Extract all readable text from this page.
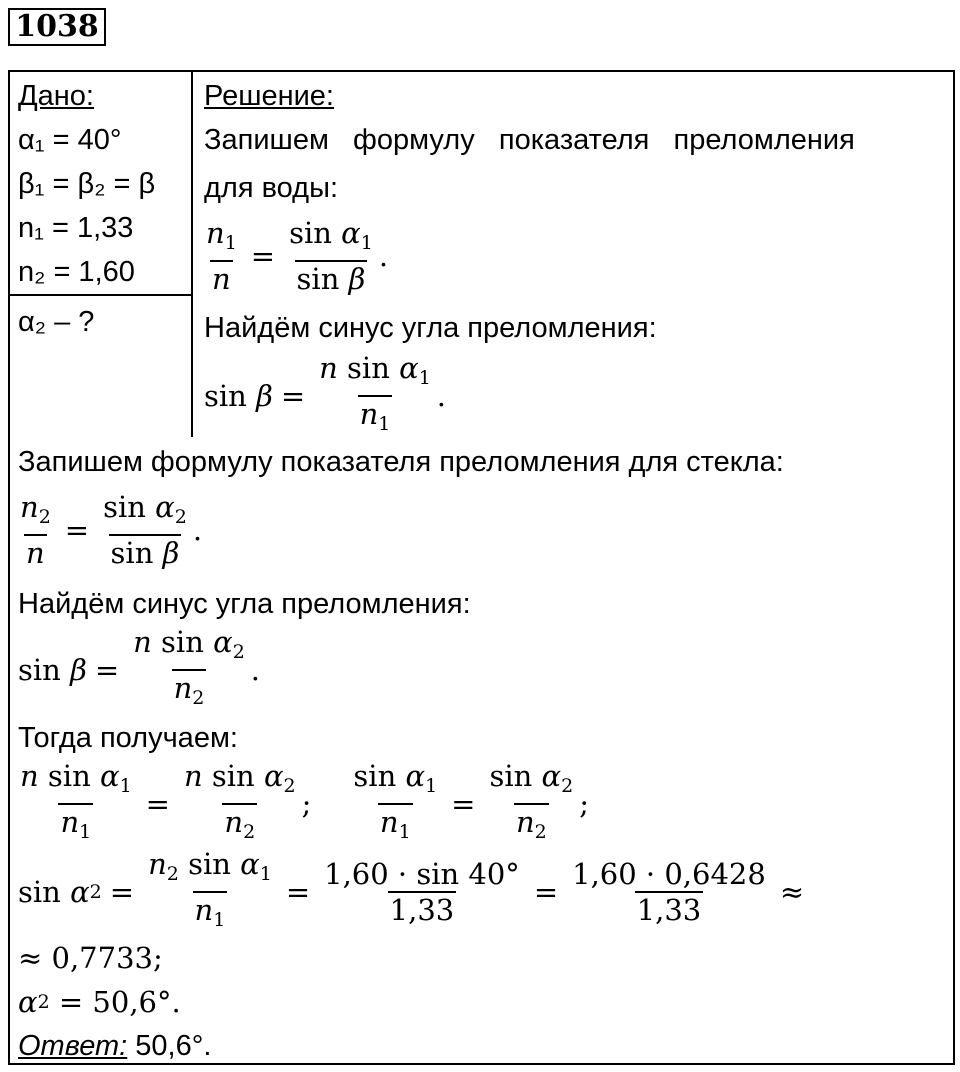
1038
Дано:
α₁ = 40°
β₁ = β₂ = β
n₁ = 1,33
n₂ = 1,60
α₂ – ?
Решение:
Запишем   формулу   показателя   преломления
для воды:
$\frac{n_1}{n} = \frac{\sin \alpha_1}{\text{sin β}}$ .
Найдём синус угла преломления:
sin
$\beta = \frac{n \sin \alpha_1}{n_1}$ .
Запишем формулу показателя преломления для стекла:
$\frac{n_2}{n} = \frac{\sin \alpha_2}{\text{sin β}}$ .
Найдём синус угла преломления:
sin
$\beta = \frac{n \sin \alpha_2}{n_2}$ .
Тогда получаем:
$\frac{n \sin \alpha_1}{n_1} = \frac{n \sin \alpha_2}{n_2}$ ; $\frac{\sin \alpha_1}{n_1} = \frac{\sin \alpha_2}{n_2}$ ;
sin
α $2 = \frac{n_2 \sin \alpha_1}{n_1} = \frac{1,60 \cdot \sin 40^\circ}{1,33} = \frac{1,60 \cdot 0,6428}{1,33}$ ≈
≈ 0,7733;
α 2
= 50,6°.
Ответ: 50,6°.
